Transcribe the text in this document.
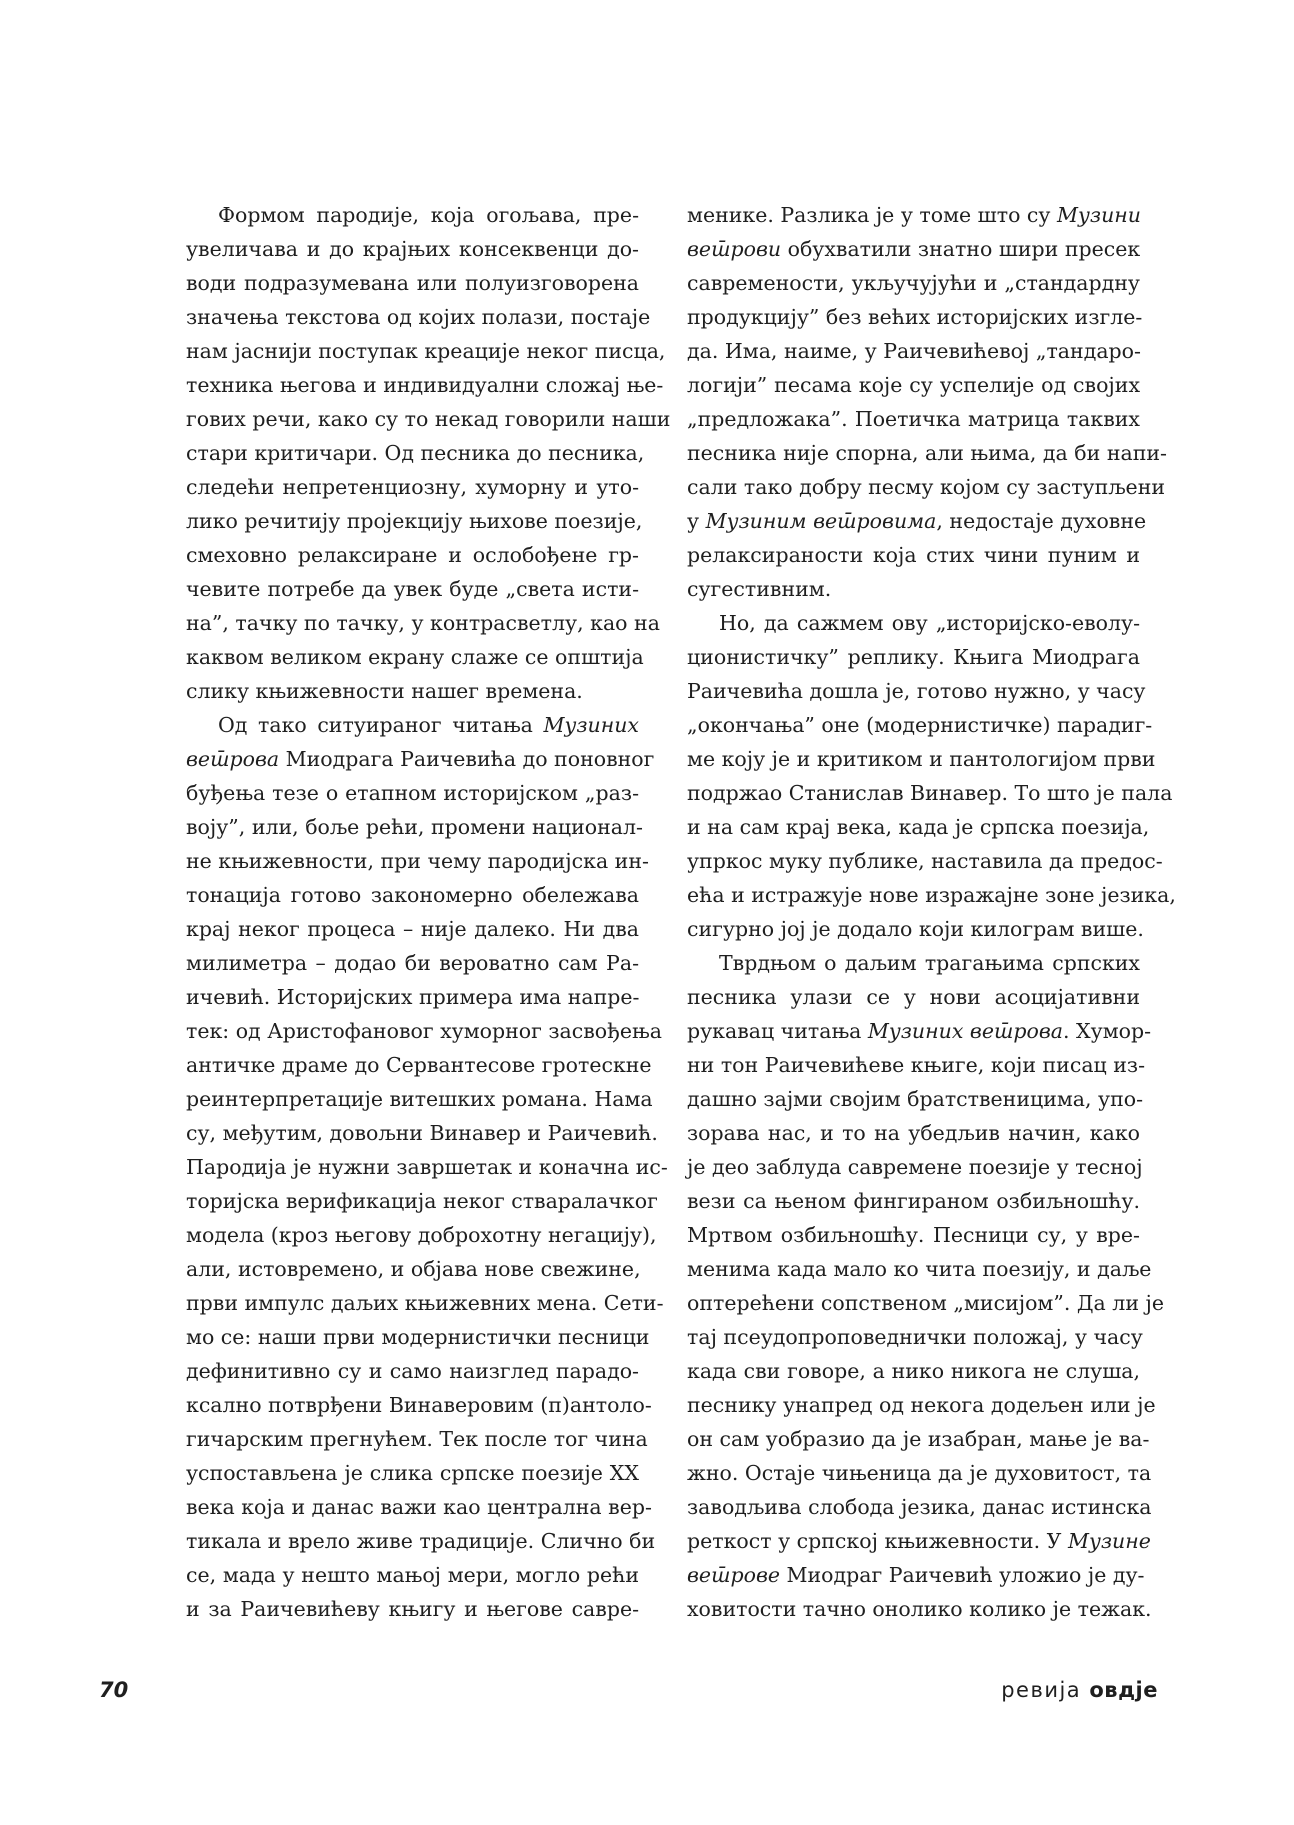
Формом пародије, која огољава, пре-
увеличава и до крајњих консеквенци до-
води подразумевана или полуизговорена
значења текстова од којих полази, постаје
нам јаснији поступак креације неког писца,
техника његова и индивидуални сложај ње-
гових речи, како су то некад говорили наши
стари критичари. Од песника до песника,
следећи непретенциозну, хуморну и уто-
лико речитију пројекцију њихове поезије,
смеховно релаксиране и ослобођене гр-
чевите потребе да увек буде „света исти-
на”, тачку по тачку, у контрасветлу, као на
каквом великом екрану слаже се општија
слику књижевности нашег времена.
Од тако ситуираног читања Музиних
веш̄рова Миодрага Раичевића до поновног
буђења тезе о етапном историјском „раз-
воју”, или, боље рећи, промени национал-
не књижевности, при чему пародијска ин-
тонација готово закономерно обележава
крај неког процеса – није далеко. Ни два
милиметра – додао би вероватно сам Ра-
ичевић. Историјских примера има напре-
тек: од Аристофановог хуморног засвођења
античке драме до Сервантесове гротескне
реинтерпретације витешких романа. Нама
су, међутим, довољни Винавер и Раичевић.
Пародија је нужни завршетак и коначна ис-
торијска верификација неког стваралачког
модела (кроз његову доброхотну негацију),
али, истовремено, и објава нове свежине,
први импулс даљих књижевних мена. Сети-
мо се: наши први модернистички песници
дефинитивно су и само наизглед парадо-
ксално потврђени Винаверовим (п)антоло-
гичарским прегнућем. Тек после тог чина
успостављена је слика српске поезије XX
века која и данас важи као централна вер-
тикала и врело живе традиције. Слично би
се, мада у нешто мањој мери, могло рећи
и за Раичевићеву књигу и његове савре-
менике. Разлика је у томе што су Музини
веш̄рови обухватили знатно шири пресек
савремености, укључујући и „стандардну
продукцију” без већих историјских изгле-
да. Има, наиме, у Раичевићевој „тандаро-
логији” песама које су успелије од својих
„предложака”. Поетичка матрица таквих
песника није спорна, али њима, да би напи-
сали тако добру песму којом су заступљени
у Музиним веш̄ровима, недостаје духовне
релаксираности која стих чини пуним и
сугестивним.
Но, да сажмем ову „историјско-еволу-
ционистичку” реплику. Књига Миодрага
Раичевића дошла је, готово нужно, у часу
„окончања” оне (модернистичке) парадиг-
ме коју је и критиком и пантологијом први
подржао Станислав Винавер. То што је пала
и на сам крај века, када је српска поезија,
упркос муку публике, наставила да предос-
ећа и истражује нове изражајне зоне језика,
сигурно јој је додало који килограм више.
Тврдњом о даљим трагањима српских
песника улази се у нови асоцијативни
рукавац читања Музиних веш̄рова. Хумор-
ни тон Раичевићеве књиге, који писац из-
дашно зајми својим братственицима, упо-
зорава нас, и то на убедљив начин, како
је део заблуда савремене поезије у тесној
вези са њеном фингираном озбиљношћу.
Мртвом озбиљношћу. Песници су, у вре-
менима када мало ко чита поезију, и даље
оптерећени сопственом „мисијом”. Да ли је
тај псеудопроповеднички положај, у часу
када сви говоре, а нико никога не слуша,
песнику унапред од некога додељен или је
он сам уобразио да је изабран, мање је ва-
жно. Остаје чињеница да је духовитост, та
заводљива слобода језика, данас истинска
реткост у српској књижевности. У Музине
веш̄рове Миодраг Раичевић уложио је ду-
ховитости тачно онолико колико је тежак.
70	ревија овдје
